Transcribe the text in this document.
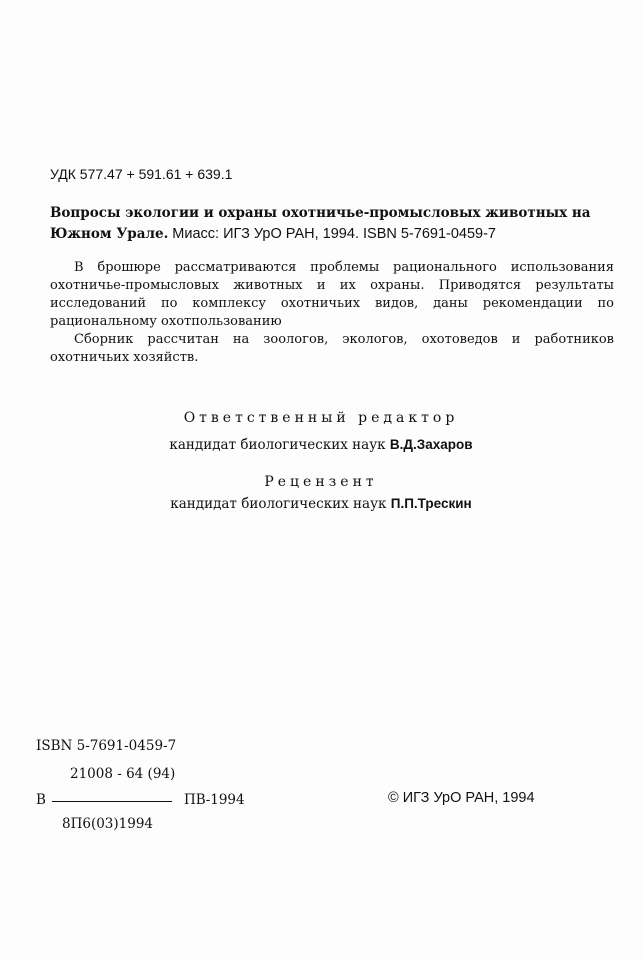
УДК 577.47 + 591.61 + 639.1
Вопросы экологии и охраны охотничье-промысловых животных на Южном Урале. Миасс: ИГЗ УрО РАН, 1994. ISBN 5-7691-0459-7

В брошюре рассматриваются проблемы рационального использования охотничье-промысловых животных и их охраны. Приводятся результаты исследований по комплексу охотничьих видов, даны рекомендации по рациональному охотпользованию

Сборник рассчитан на зоологов, экологов, охотоведов и работников охотничьих хозяйств.

Ответственный редактор
кандидат биологических наук В.Д.Захаров
Рецензент
кандидат биологических наук П.П.Трескин
ISBN 5-7691-0459-7
21008 - 64 (94)
В	ПВ-1994
8П6(03)1994
© ИГЗ УрО РАН, 1994
